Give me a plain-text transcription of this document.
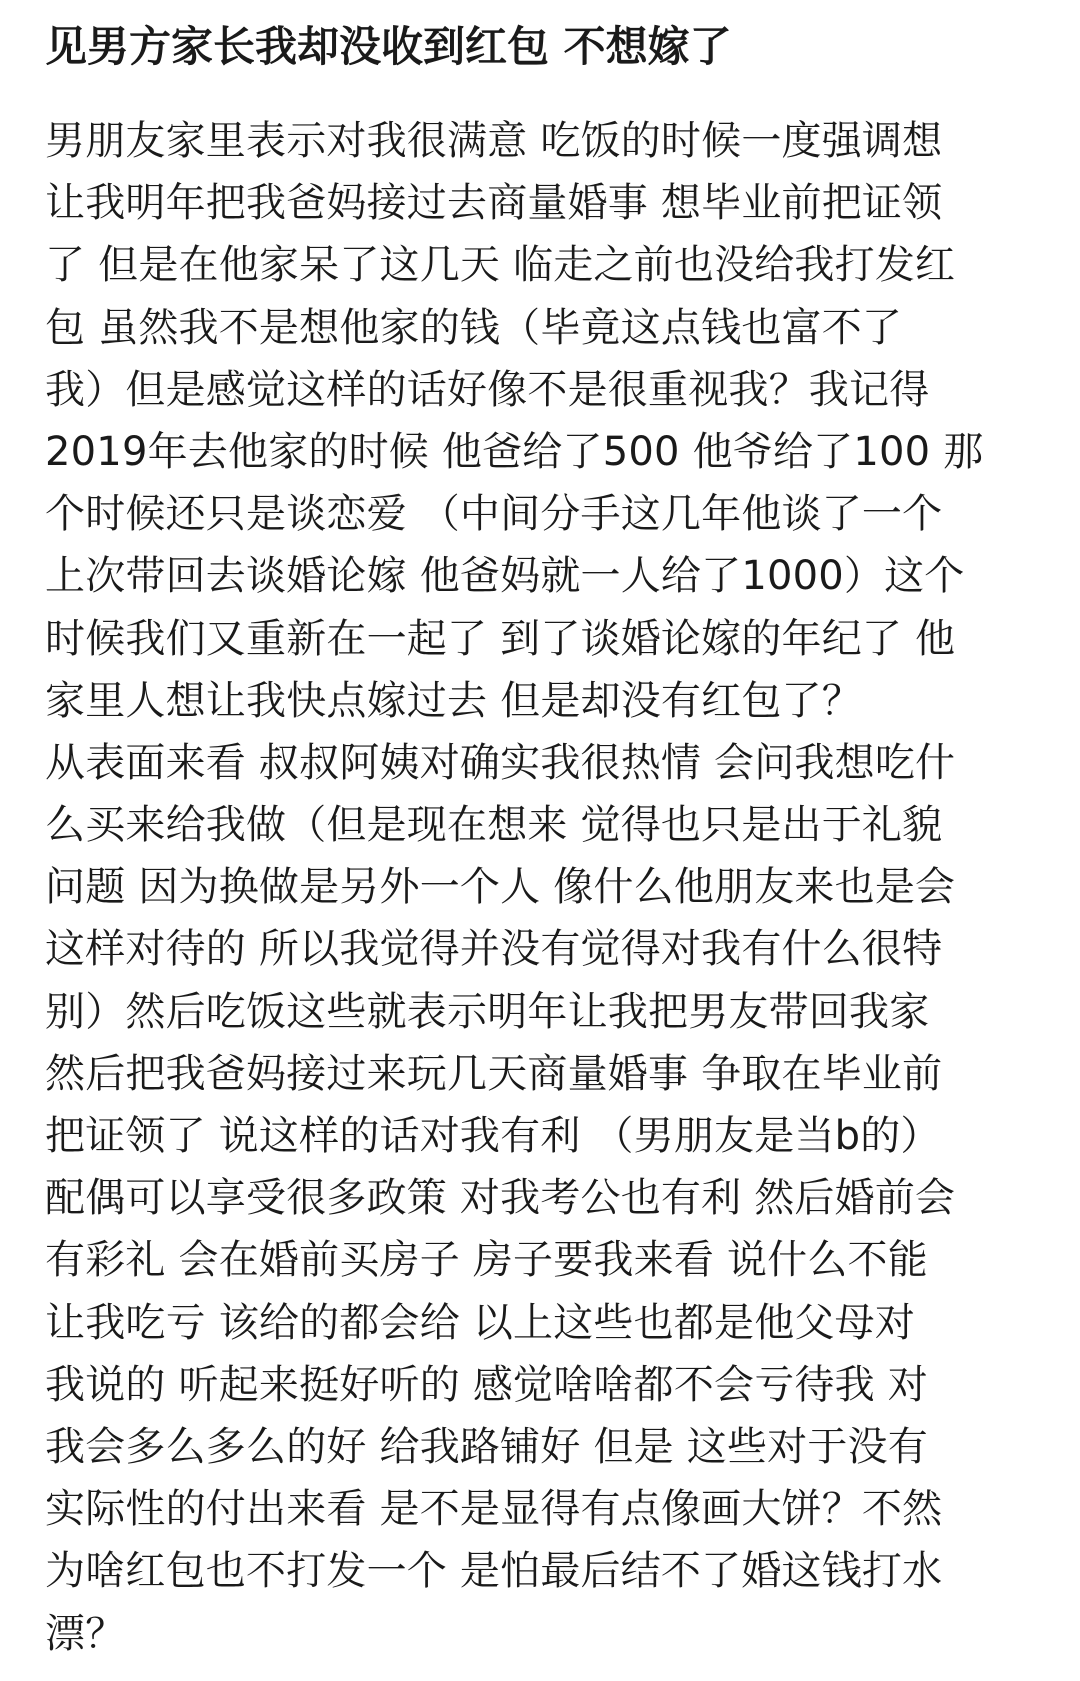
见男方家长我却没收到红包 不想嫁了
男朋友家里表示对我很满意 吃饭的时候一度强调想
让我明年把我爸妈接过去商量婚事 想毕业前把证领
了 但是在他家呆了这几天 临走之前也没给我打发红
包 虽然我不是想他家的钱（毕竟这点钱也富不了
我）但是感觉这样的话好像不是很重视我？我记得
2019年去他家的时候 他爸给了500 他爷给了100 那
个时候还只是谈恋爱 （中间分手这几年他谈了一个
上次带回去谈婚论嫁 他爸妈就一人给了1000）这个
时候我们又重新在一起了 到了谈婚论嫁的年纪了 他
家里人想让我快点嫁过去 但是却没有红包了？
从表面来看 叔叔阿姨对确实我很热情 会问我想吃什
么买来给我做（但是现在想来 觉得也只是出于礼貌
问题 因为换做是另外一个人 像什么他朋友来也是会
这样对待的 所以我觉得并没有觉得对我有什么很特
别）然后吃饭这些就表示明年让我把男友带回我家
然后把我爸妈接过来玩几天商量婚事 争取在毕业前
把证领了 说这样的话对我有利 （男朋友是当b的）
配偶可以享受很多政策 对我考公也有利 然后婚前会
有彩礼 会在婚前买房子 房子要我来看 说什么不能
让我吃亏 该给的都会给 以上这些也都是他父母对
我说的 听起来挺好听的 感觉啥啥都不会亏待我 对
我会多么多么的好 给我路铺好 但是 这些对于没有
实际性的付出来看 是不是显得有点像画大饼？不然
为啥红包也不打发一个 是怕最后结不了婚这钱打水
漂？
